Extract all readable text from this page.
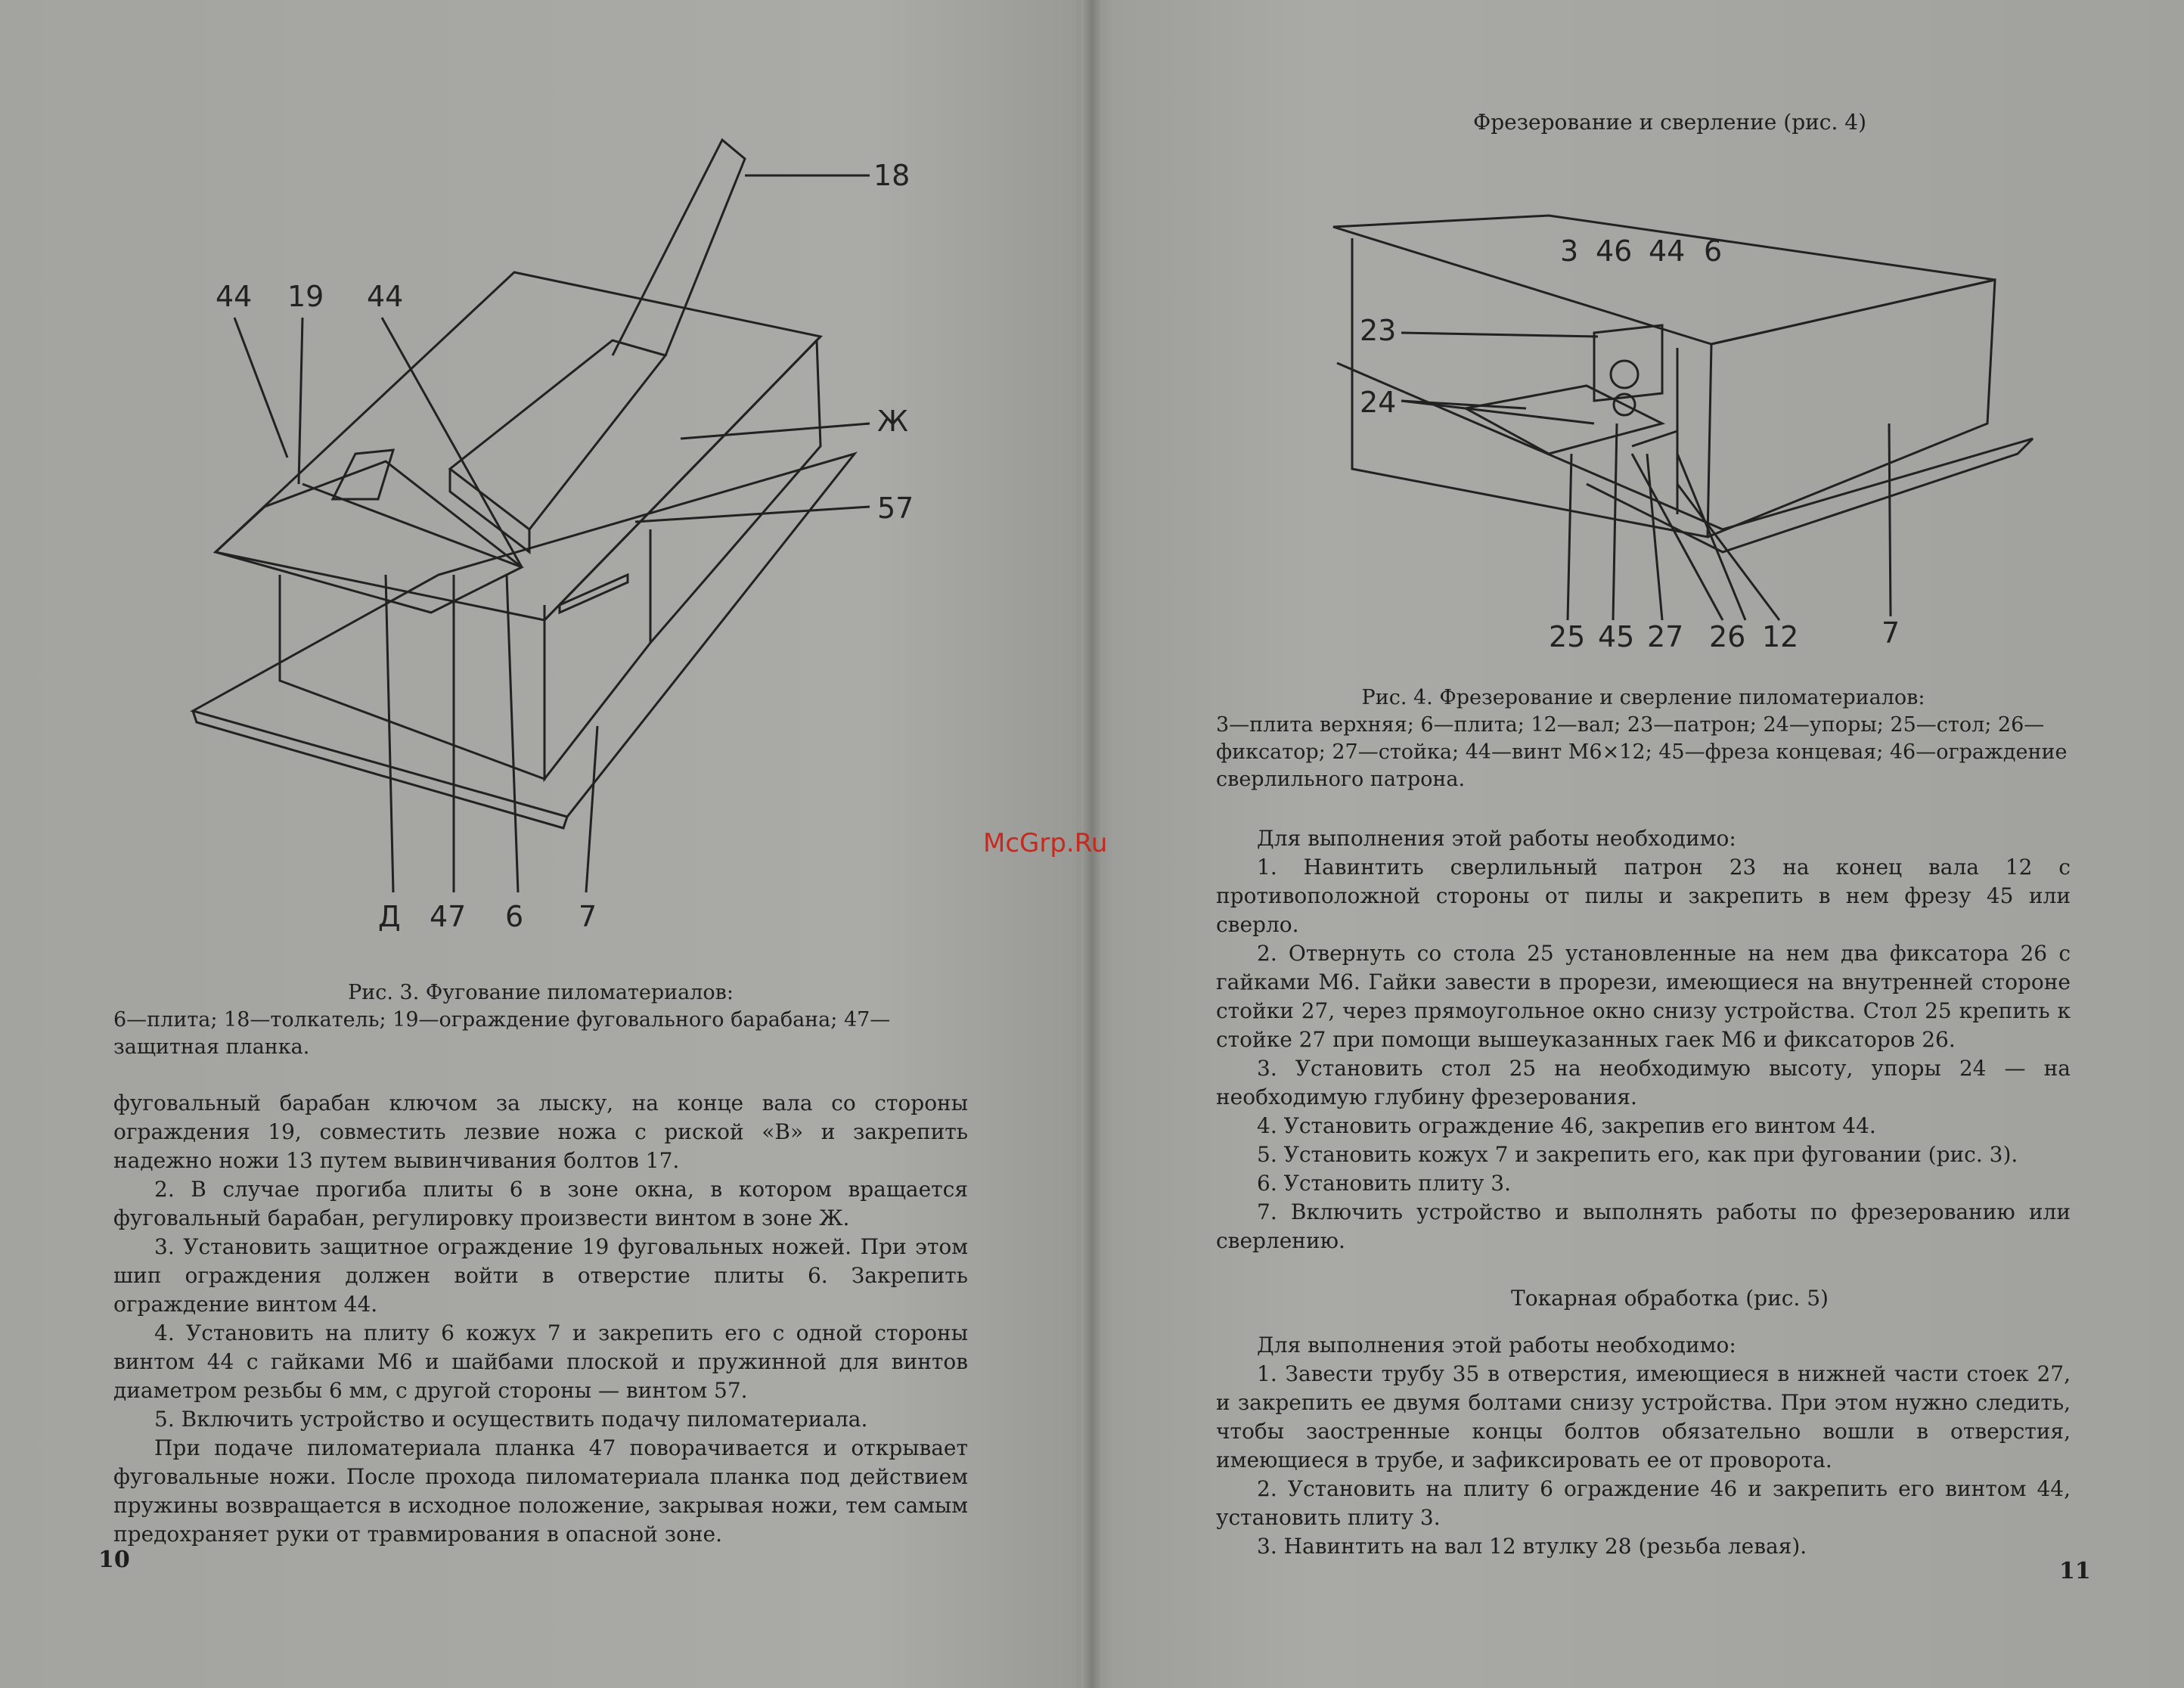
44 19 44
18
Ж
57
Д 47 6 7
Рис. 3. Фугование пиломатериалов:
6—плита; 18—толкатель; 19—ограждение фуговального барабана; 47—защитная планка.

фуговальный барабан ключом за лыску, на конце вала со стороны ограждения 19, совместить лезвие ножа с риской «В» и закрепить надежно ножи 13 путем вывинчивания болтов 17.

2. В случае прогиба плиты 6 в зоне окна, в котором вращается фуговальный барабан, регулировку произвести винтом в зоне Ж.

3. Установить защитное ограждение 19 фуговальных ножей. При этом шип ограждения должен войти в отверстие плиты 6. Закрепить ограждение винтом 44.

4. Установить на плиту 6 кожух 7 и закрепить его с одной стороны винтом 44 с гайками М6 и шайбами плоской и пружинной для винтов диаметром резьбы 6 мм, с другой стороны — винтом 57.

5. Включить устройство и осуществить подачу пиломатериала.

При подаче пиломатериала планка 47 поворачивается и открывает фуговальные ножи. После прохода пиломатериала планка под действием пружины возвращается в исходное положение, закрывая ножи, тем самым предохраняет руки от травмирования в опасной зоне.

10
Фрезерование и сверление (рис. 4)
3 46 44 6
23
24
25 45 27 26 12	7
Рис. 4. Фрезерование и сверление пиломатериалов:
3—плита верхняя; 6—плита; 12—вал; 23—патрон; 24—упоры; 25—стол; 26—фиксатор; 27—стойка; 44—винт М6×12; 45—фреза концевая; 46—ограждение сверлильного патрона.

Для выполнения этой работы необходимо:

1. Навинтить сверлильный патрон 23 на конец вала 12 с противоположной стороны от пилы и закрепить в нем фрезу 45 или сверло.

2. Отвернуть со стола 25 установленные на нем два фиксатора 26 с гайками М6. Гайки завести в прорези, имеющиеся на внутренней стороне стойки 27, через прямоугольное окно снизу устройства. Стол 25 крепить к стойке 27 при помощи вышеуказанных гаек М6 и фиксаторов 26.

3. Установить стол 25 на необходимую высоту, упоры 24 — на необходимую глубину фрезерования.

4. Установить ограждение 46, закрепив его винтом 44.

5. Установить кожух 7 и закрепить его, как при фуговании (рис. 3).

6. Установить плиту 3.

7. Включить устройство и выполнять работы по фрезерованию или сверлению.

Токарная обработка (рис. 5)

Для выполнения этой работы необходимо:

1. Завести трубу 35 в отверстия, имеющиеся в нижней части стоек 27, и закрепить ее двумя болтами снизу устройства. При этом нужно следить, чтобы заостренные концы болтов обязательно вошли в отверстия, имеющиеся в трубе, и зафиксировать ее от проворота.

2. Установить на плиту 6 ограждение 46 и закрепить его винтом 44, установить плиту 3.

3. Навинтить на вал 12 втулку 28 (резьба левая).

11
McGrp.Ru
